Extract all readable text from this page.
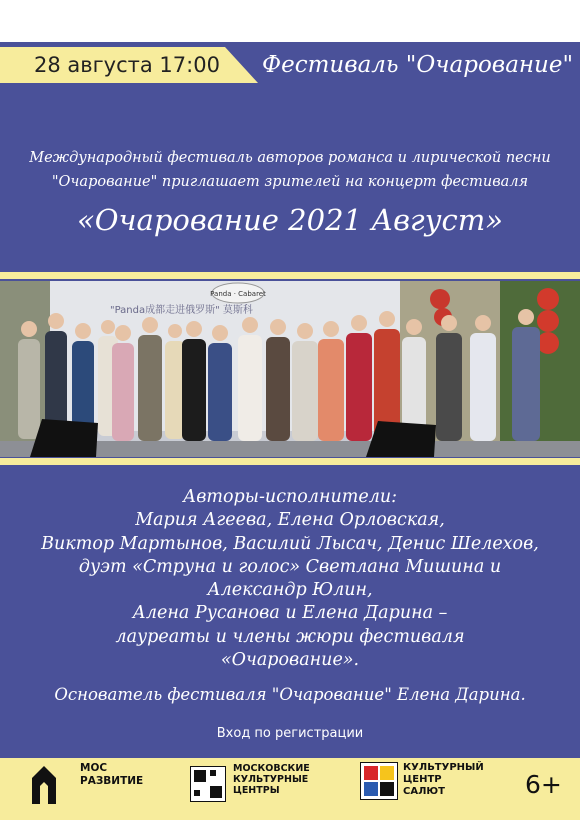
28 августа 17:00 Фестиваль "Очарование"
Международный фестиваль авторов романса и лирической песни
"Очарование" приглашает зрителей на концерт фестиваля
«Очарование 2021 Август»
Panda · Cabaret
"Panda成都走进俄罗斯" 莫斯科
Авторы-исполнители:
Мария Агеева, Елена Орловская,
Виктор Мартынов, Василий Лысач, Денис Шелехов,
дуэт «Струна и голос» Светлана Мишина и
Александр Юлин,
Алена Русанова и Елена Дарина –
лауреаты и члены жюри фестиваля
«Очарование».
Основатель фестиваля "Очарование" Елена Дарина.
Вход по регистрации
МОС
РАЗВИТИЕ
МОСКОВСКИЕ
КУЛЬТУРНЫЕ
ЦЕНТРЫ
КУЛЬТУРНЫЙ
ЦЕНТР
САЛЮТ	6+
